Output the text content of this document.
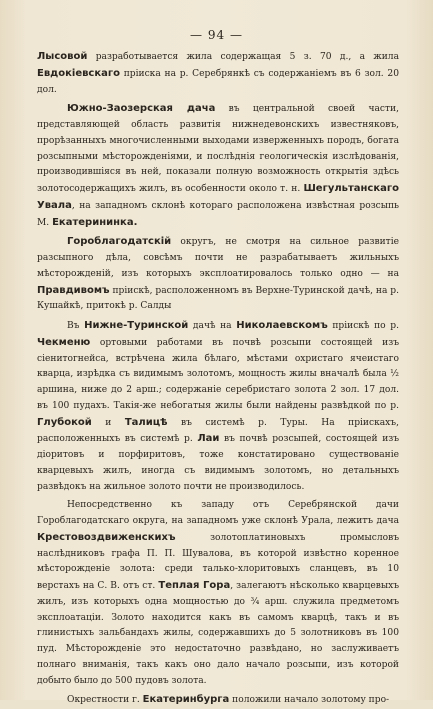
— 94 —

Лысовой разработывается жила содержащая 5 з. 70 д., а жила Евдокіевскаго пріиска на р. Серебрянкѣ съ содержаніемъ въ 6 зол. 20 дол.

Южно-Заозерская дача въ центральной своей части, представляющей область развитія нижнедевонскихъ известняковъ, прорѣзанныхъ многочисленными выходами изверженныхъ породъ, богата розсыпными мѣсторожденіями, и послѣднія геологическія изслѣдованія, производившіяся въ ней, показали полную возможность открытія здѣсь золотосодержащихъ жилъ, въ особенности около т. н. Шегультанскаго Увала, на западномъ склонѣ котораго расположена извѣстная розсыпь М. Екатерининка.

Гороблагодатскій округъ, не смотря на сильное развитіе разсыпного дѣла, совсѣмъ почти не разрабатываетъ жильныхъ мѣсторожденій, изъ которыхъ эксплоатировалось только одно — на Правдивомъ пріискѣ, расположенномъ въ Верхне-Туринской дачѣ, на р. Кушайкѣ, притокѣ р. Салды

Въ Нижне-Туринской дачѣ на Николаевскомъ пріискѣ по р. Чекменю ортовыми работами въ почвѣ розсыпи состоящей изъ сіенитогнейса, встрѣчена жила бѣлаго, мѣстами охристаго ячеистаго кварца, изрѣдка съ видимымъ золотомъ, мощность жилы вначалѣ была ½ аршина, ниже до 2 арш.; содержаніе серебристаго золота 2 зол. 17 дол. въ 100 пудахъ. Такія-же небогатыя жилы были найдены развѣдкой по р. Глубокой и Талицѣ въ системѣ р. Туры. На пріискахъ, расположенныхъ въ системѣ р. Лаи въ почвѣ розсыпей, состоящей изъ діоритовъ и порфиритовъ, тоже констатировано существованіе кварцевыхъ жилъ, иногда съ видимымъ золотомъ, но детальныхъ развѣдокъ на жильное золото почти не производилось.

Непосредственно къ западу отъ Серебрянской дачи Гороблагодатскаго округа, на западномъ уже склонѣ Урала, лежитъ дача Крестовоздвиженскихъ золотоплатиновыхъ промысловъ наслѣдниковъ графа П. П. Шувалова, въ которой извѣстно коренное мѣсторожденіе золота: среди талько-хлоритовыхъ сланцевъ, въ 10 верстахъ на С. В. отъ ст. Теплая Гора, залегаютъ нѣсколько кварцевыхъ жилъ, изъ которыхъ одна мощностью до ¾ арш. служила предметомъ эксплоатаціи. Золото находится какъ въ самомъ кварцѣ, такъ и въ глинистыхъ зальбандахъ жилы, содержавшихъ до 5 золотниковъ въ 100 пуд. Мѣсторожденіе это недостаточно развѣдано, но заслуживаетъ полнаго вниманія, такъ какъ оно дало начало розсыпи, изъ которой добыто было до 500 пудовъ золота.

Окрестности г. Екатеринбурга положили начало золотому про-
